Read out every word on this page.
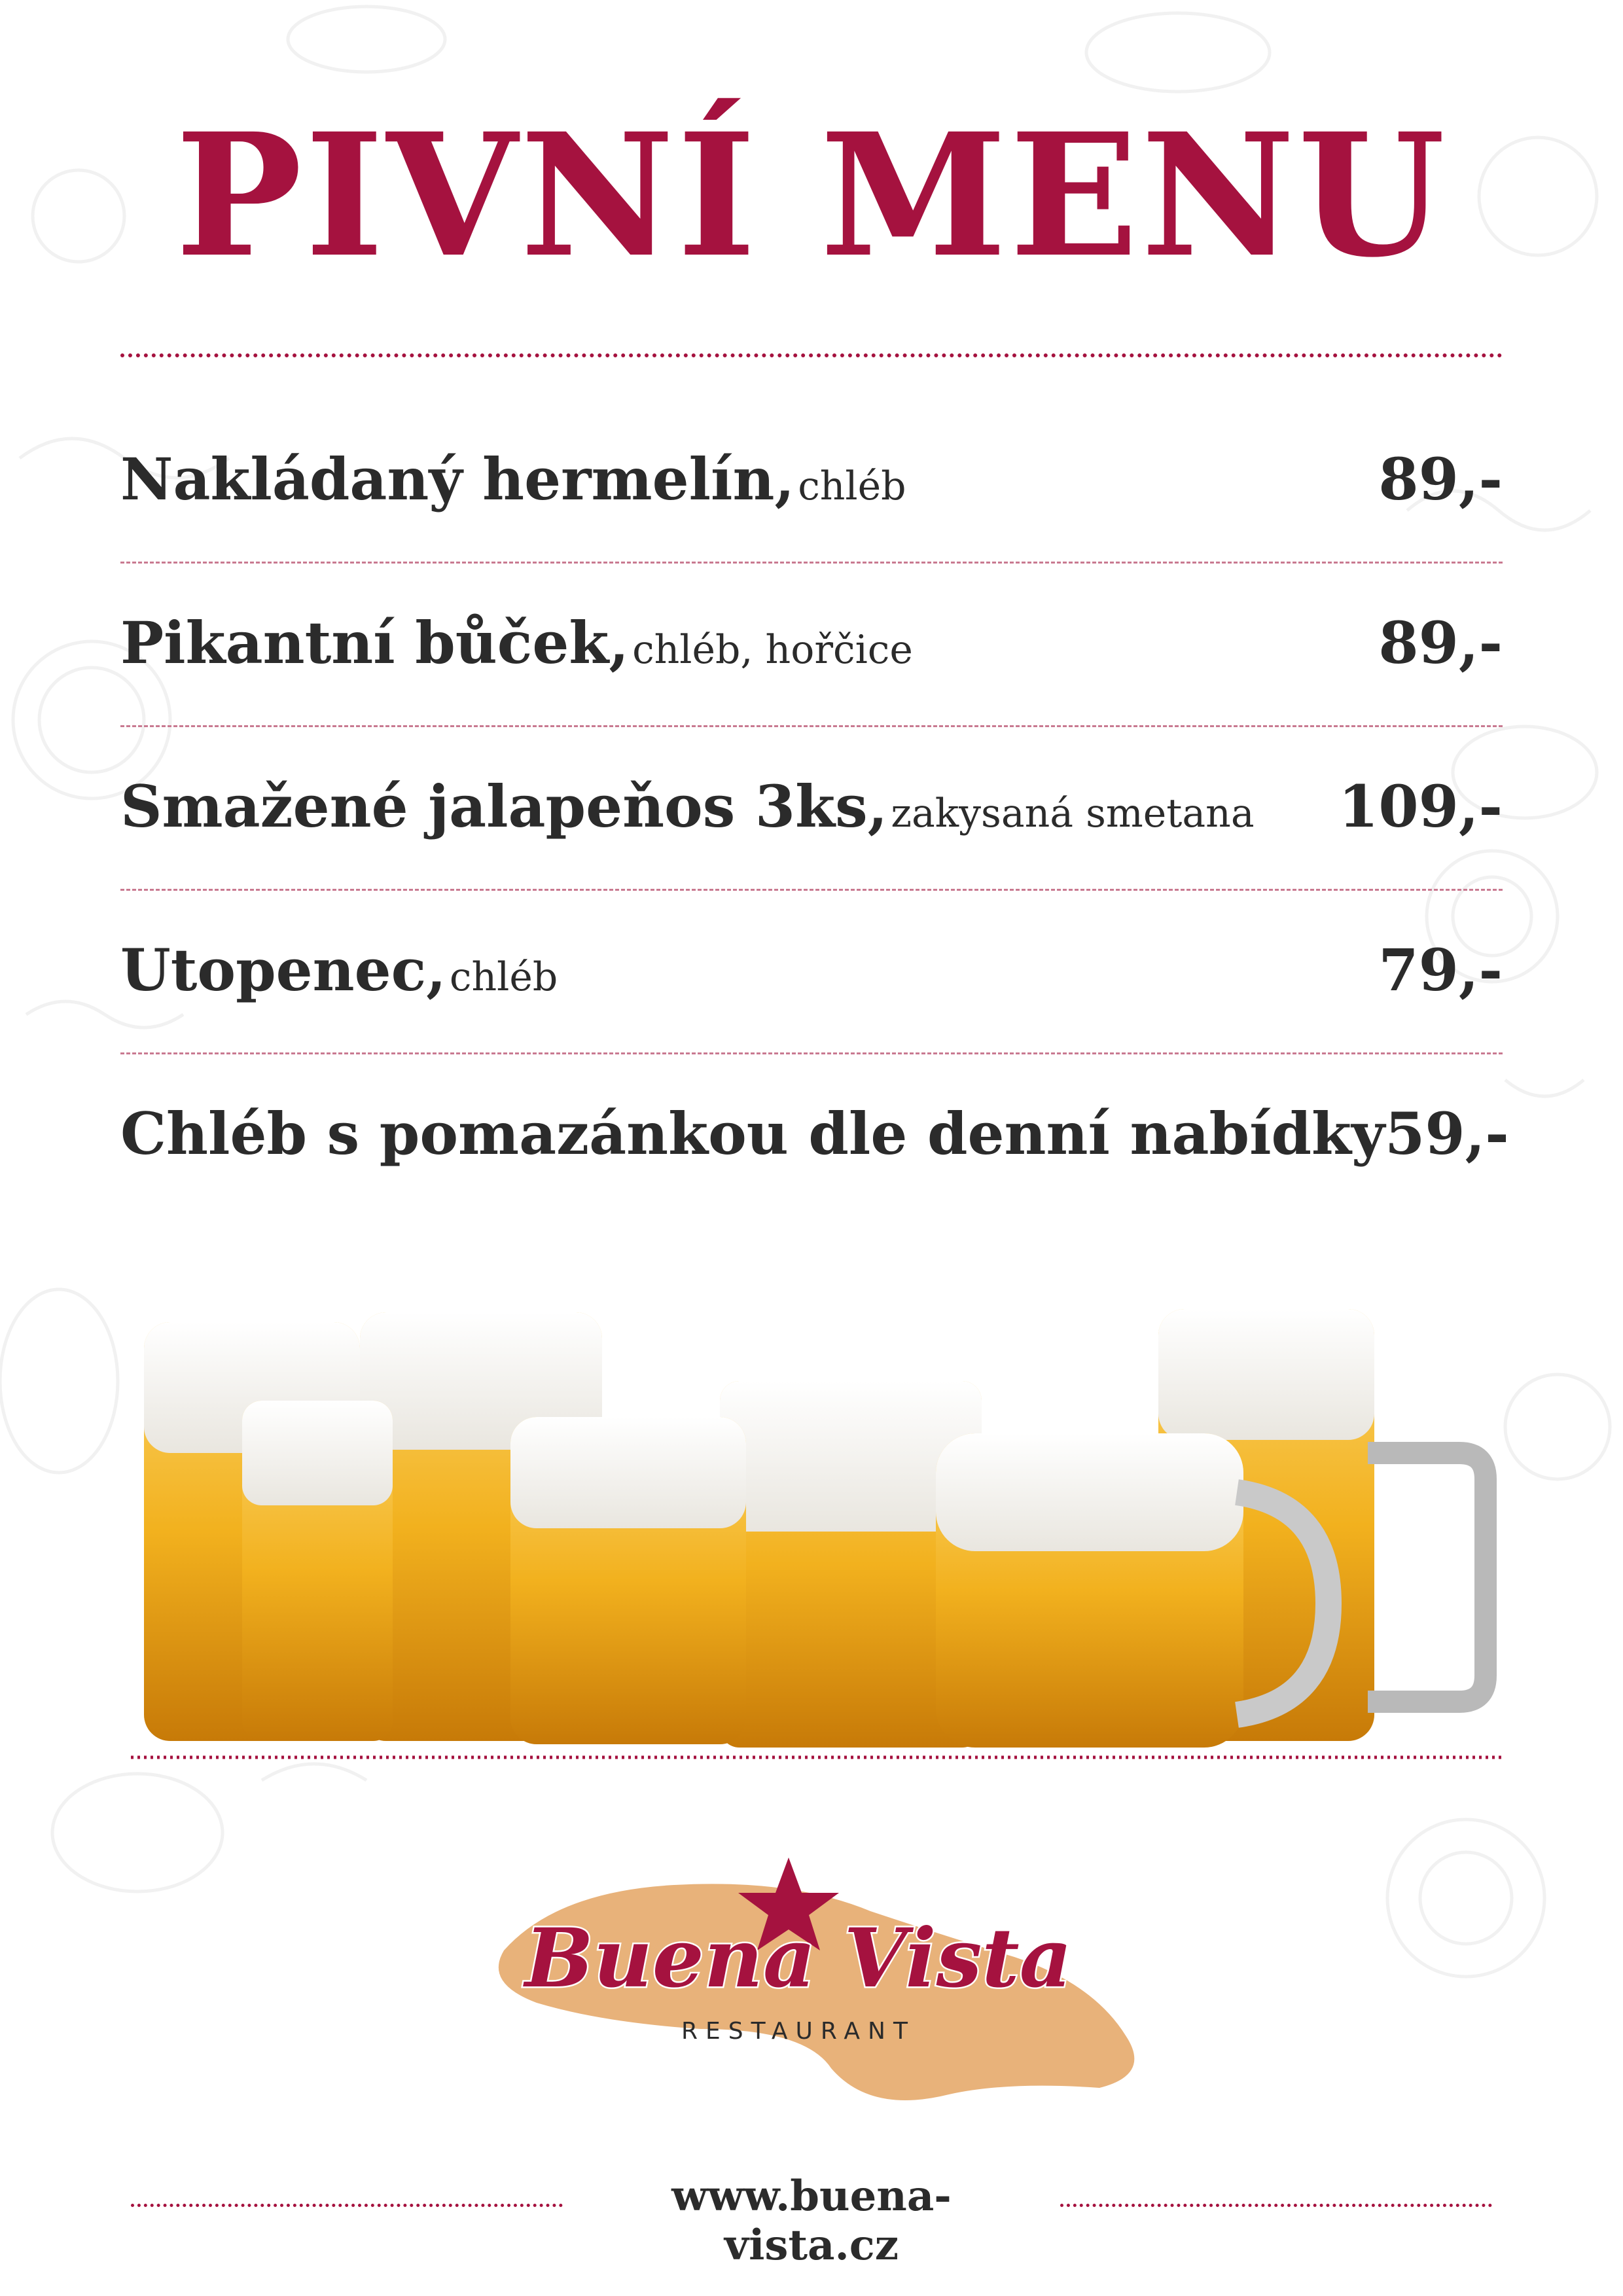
PIVNÍ MENU
Nakládaný hermelín, chléb	89,-
Pikantní bůček, chléb, hořčice	89,-
Smažené jalapeňos 3ks, zakysaná smetana 109,-
Utopenec, chléb	79,-
Chléb s pomazánkou dle denní nabídky 59,-
Buena Vista
RESTAURANT
www.buena-vista.cz
